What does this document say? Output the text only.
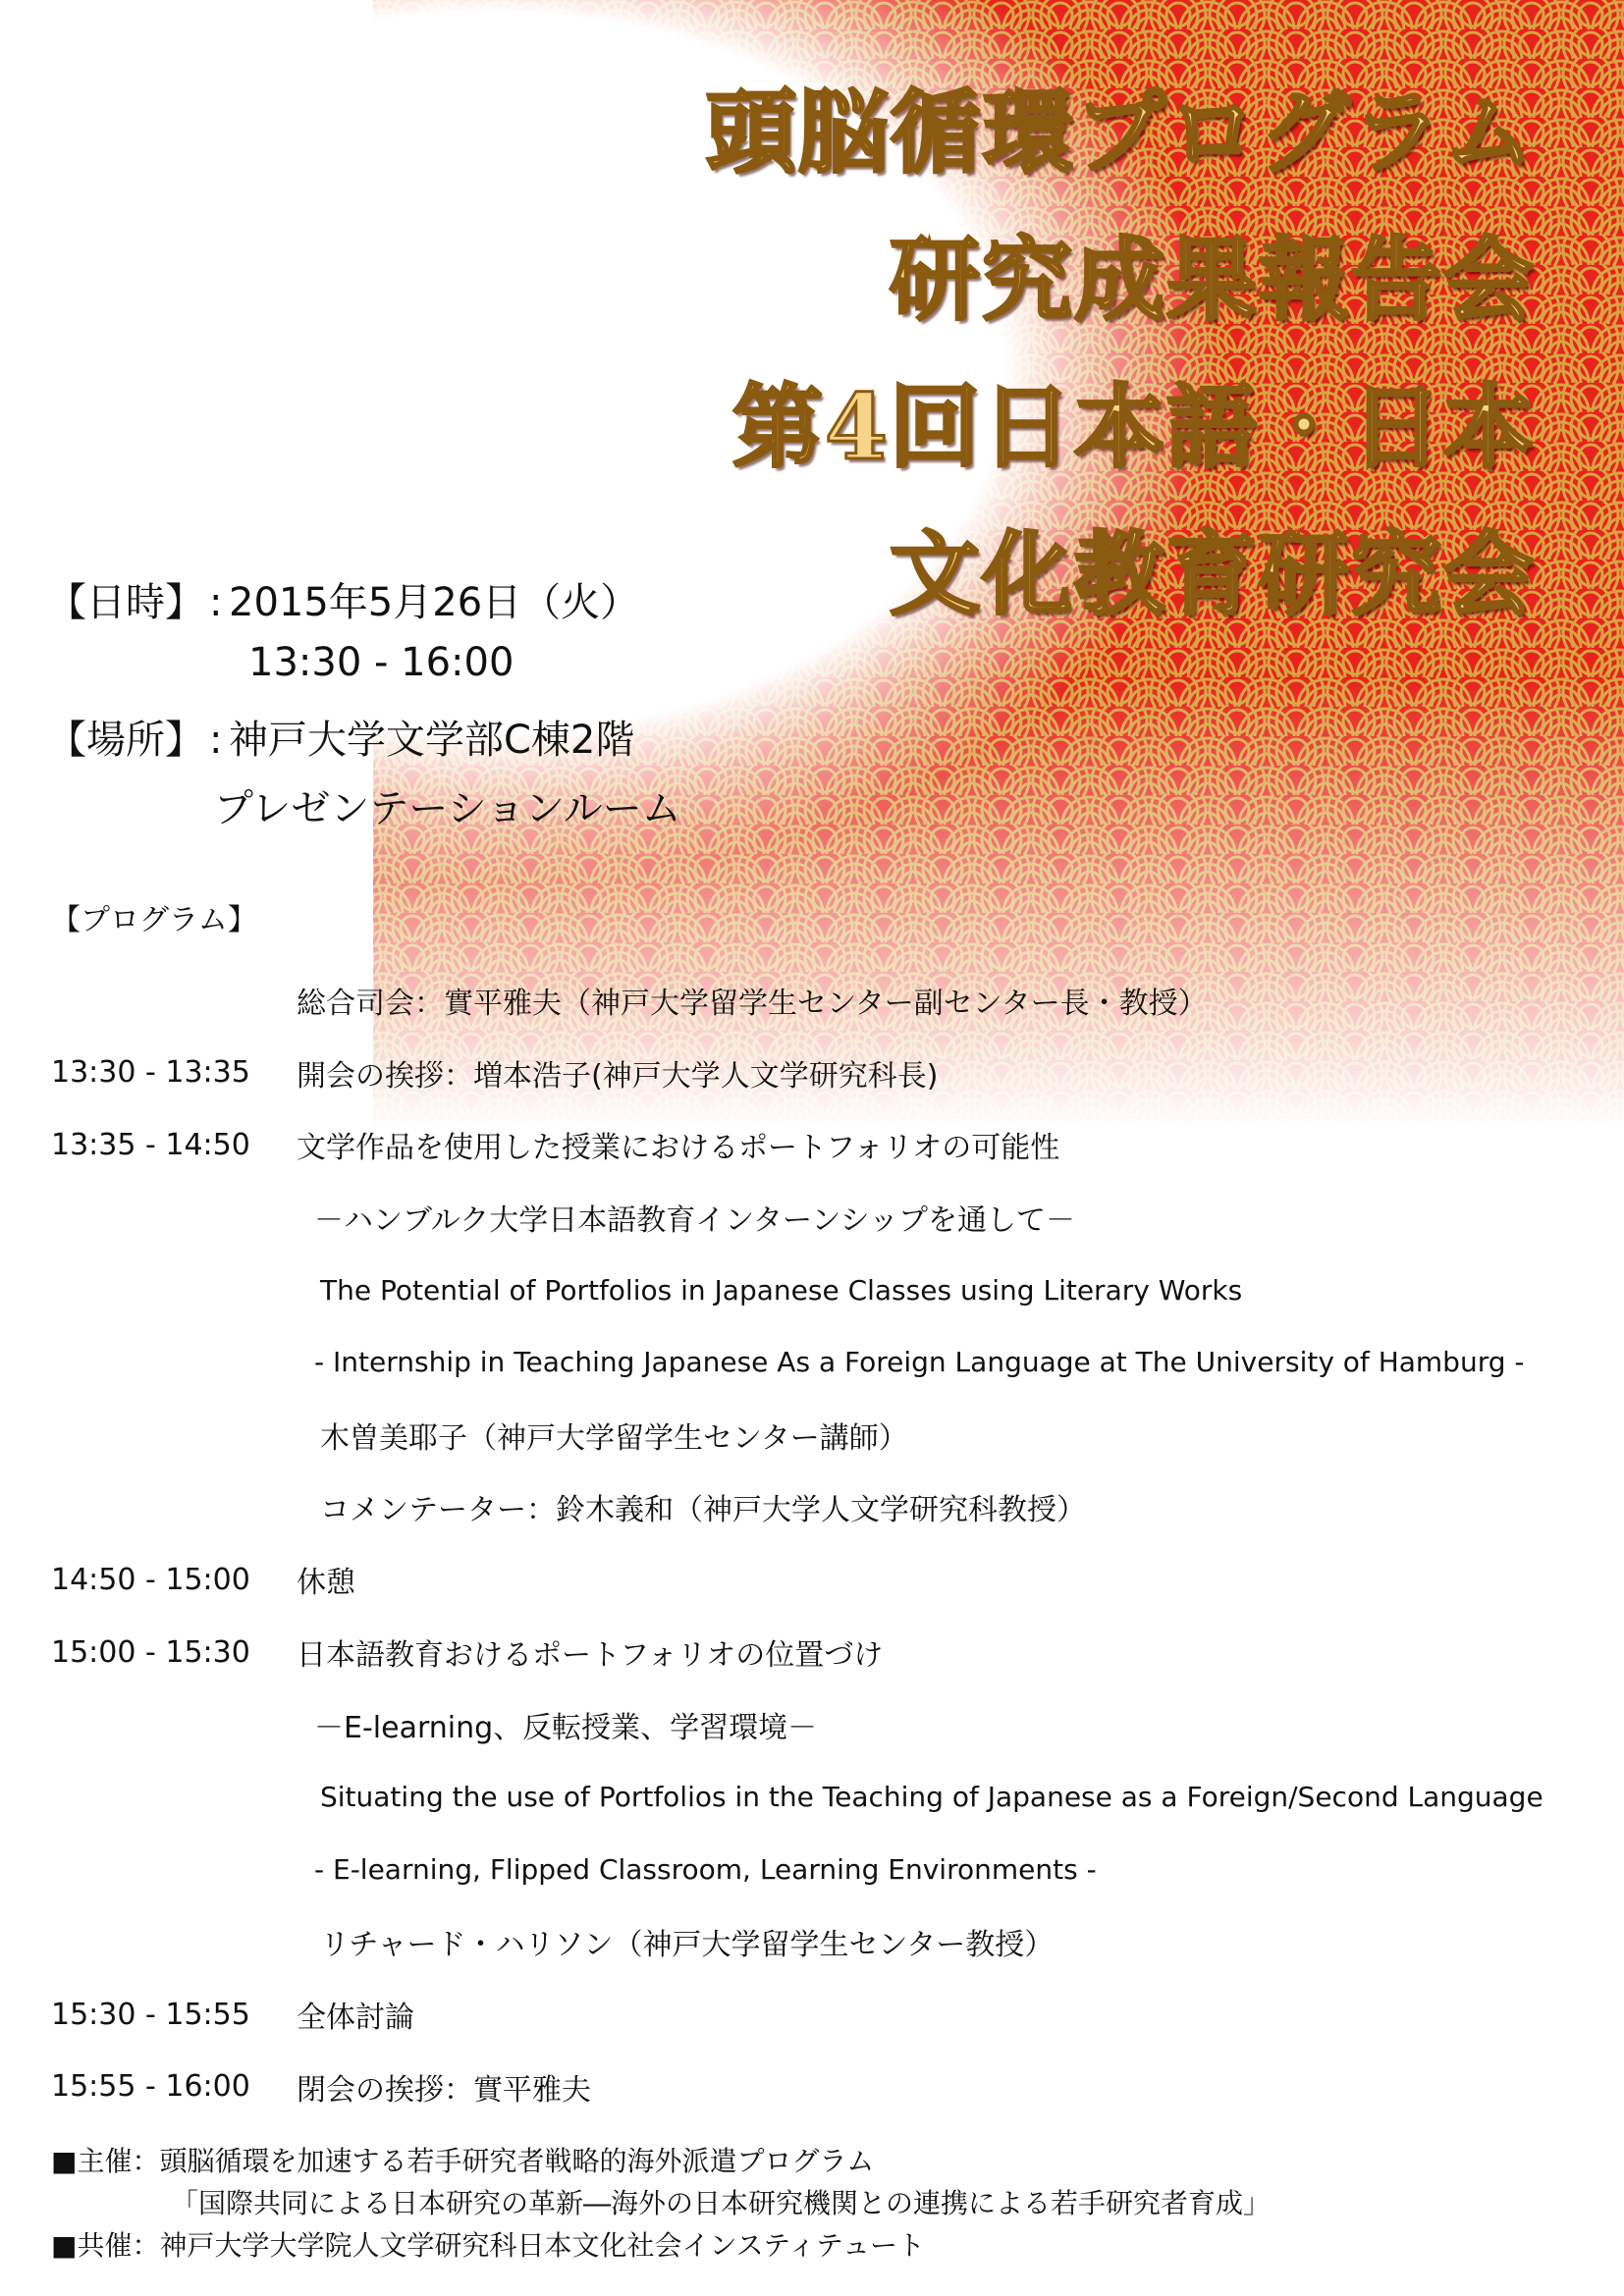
頭脳循環プログラム
研究成果報告会
第4回日本語・日本
文化教育研究会
【日時】 : 2015年5月26日（火）
13:30 - 16:00
【場所】 : 神戸大学文学部C棟2階
プレゼンテーションルーム
【プログラム】
総合司会：實平雅夫（神戸大学留学生センター副センター長・教授）
13:30 - 13:35	開会の挨拶：増本浩子(神戸大学人文学研究科長)
13:35 - 14:50	文学作品を使用した授業におけるポートフォリオの可能性
－ハンブルク大学日本語教育インターンシップを通して－
The Potential of Portfolios in Japanese Classes using Literary Works
- Internship in Teaching Japanese As a Foreign Language at The University of Hamburg -
木曽美耶子（神戸大学留学生センター講師）
コメンテーター：鈴木義和（神戸大学人文学研究科教授）
14:50 - 15:00	休憩
15:00 - 15:30	日本語教育おけるポートフォリオの位置づけ
－E-learning、反転授業、学習環境－
Situating the use of Portfolios in the Teaching of Japanese as a Foreign/Second Language
- E-learning, Flipped Classroom, Learning Environments -
リチャード・ハリソン（神戸大学留学生センター教授）
15:30 - 15:55	全体討論
15:55 - 16:00	閉会の挨拶：實平雅夫
■主催：頭脳循環を加速する若手研究者戦略的海外派遣プログラム
「国際共同による日本研究の革新―海外の日本研究機関との連携による若手研究者育成」
■共催：神戸大学大学院人文学研究科日本文化社会インスティテュート
